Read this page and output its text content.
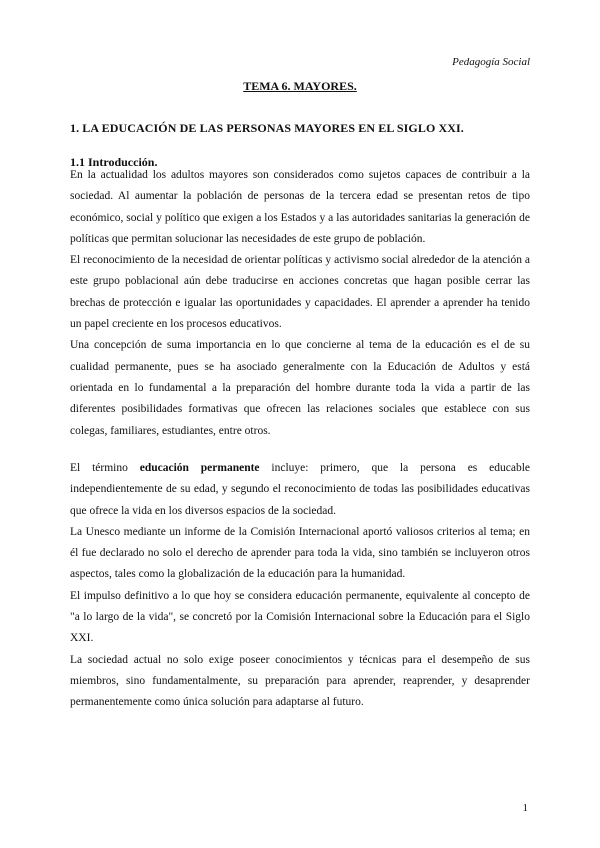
Pedagogía Social
TEMA 6. MAYORES.
1. LA EDUCACIÓN DE LAS PERSONAS MAYORES EN EL SIGLO XXI.
1.1 Introducción.

En la actualidad los adultos mayores son considerados como sujetos capaces de contribuir a la sociedad. Al aumentar la población de personas de la tercera edad se presentan retos de tipo económico, social y político que exigen a los Estados y a las autoridades sanitarias la generación de políticas que permitan solucionar las necesidades de este grupo de población.

El reconocimiento de la necesidad de orientar políticas y activismo social alrededor de la atención a este grupo poblacional aún debe traducirse en acciones concretas que hagan posible cerrar las brechas de protección e igualar las oportunidades y capacidades. El aprender a aprender ha tenido un papel creciente en los procesos educativos.

Una concepción de suma importancia en lo que concierne al tema de la educación es el de su cualidad permanente, pues se ha asociado generalmente con la Educación de Adultos y está orientada en lo fundamental a la preparación del hombre durante toda la vida a partir de las diferentes posibilidades formativas que ofrecen las relaciones sociales que establece con sus colegas, familiares, estudiantes, entre otros.

El término educación permanente incluye: primero, que la persona es educable independientemente de su edad, y segundo el reconocimiento de todas las posibilidades educativas que ofrece la vida en los diversos espacios de la sociedad.

La Unesco mediante un informe de la Comisión Internacional aportó valiosos criterios al tema; en él fue declarado no solo el derecho de aprender para toda la vida, sino también se incluyeron otros aspectos, tales como la globalización de la educación para la humanidad.

El impulso definitivo a lo que hoy se considera educación permanente, equivalente al concepto de "a lo largo de la vida", se concretó por la Comisión Internacional sobre la Educación para el Siglo XXI.

La sociedad actual no solo exige poseer conocimientos y técnicas para el desempeño de sus miembros, sino fundamentalmente, su preparación para aprender, reaprender, y desaprender permanentemente como única solución para adaptarse al futuro.

1
